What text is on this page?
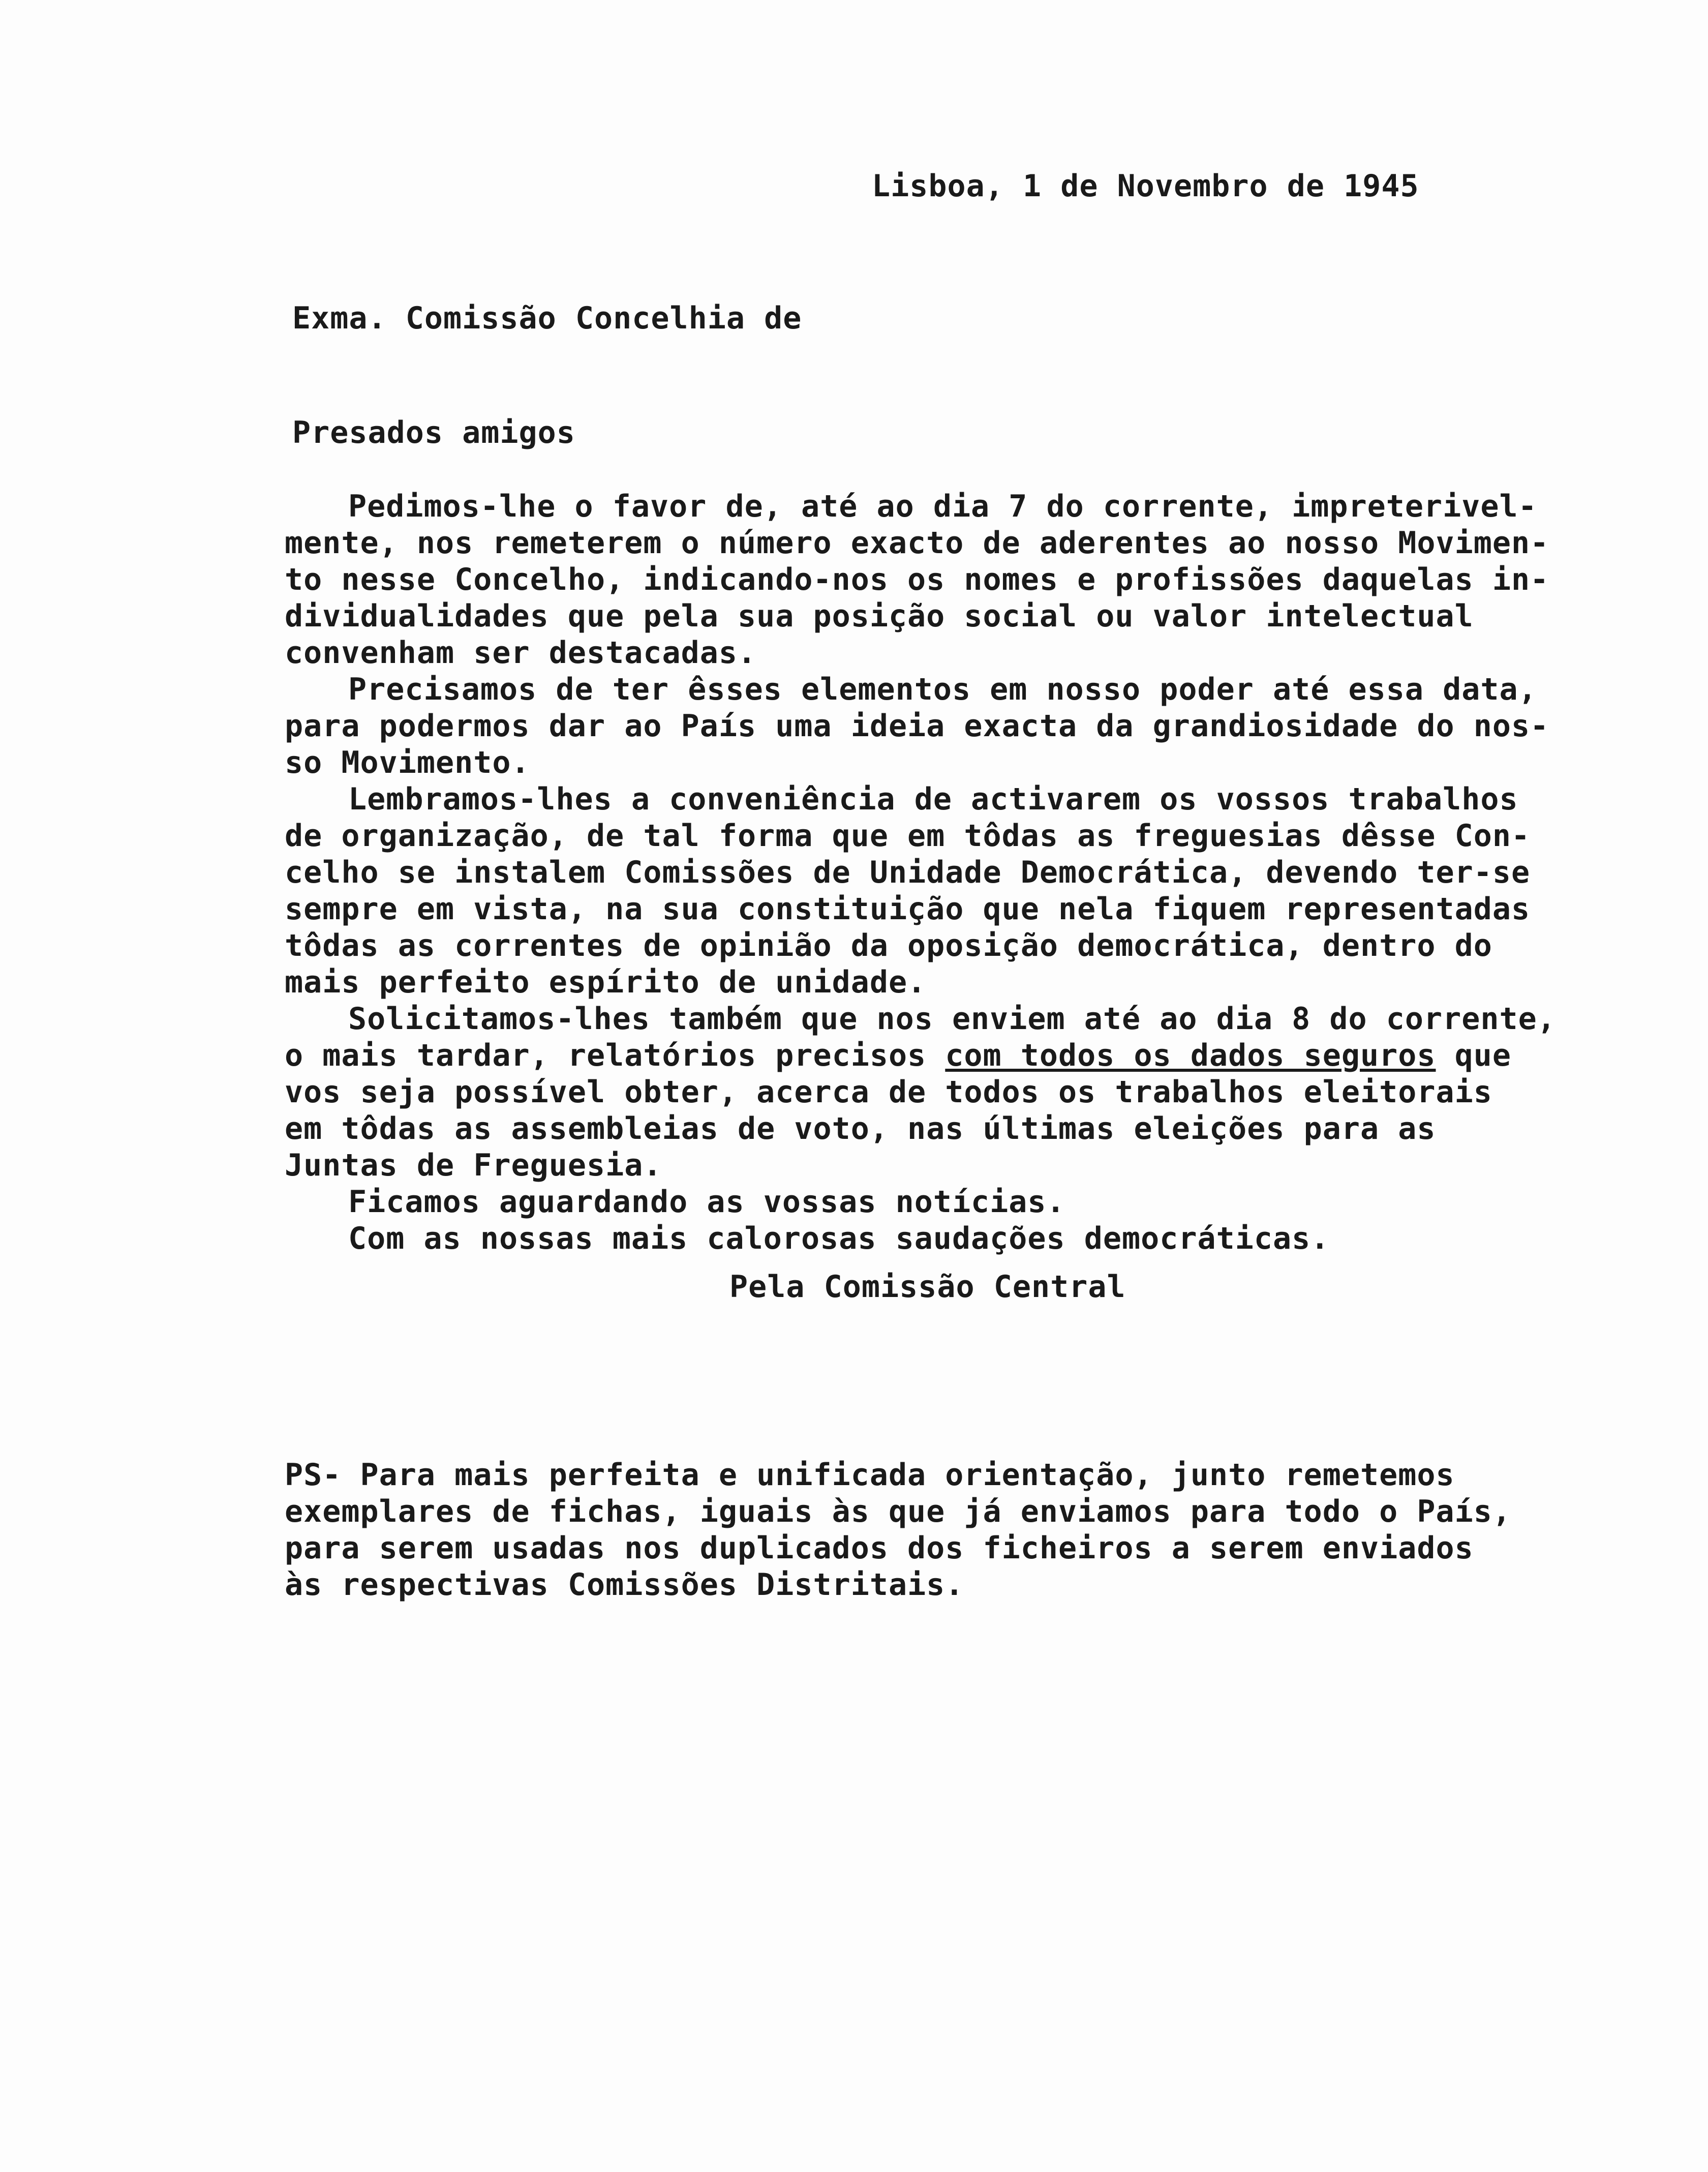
Lisboa, 1 de Novembro de 1945
Exma. Comissão Concelhia de
Presados amigos
Pedimos-lhe o favor de, até ao dia 7 do corrente, impreterivel-
mente, nos remeterem o número exacto de aderentes ao nosso Movimen-
to nesse Concelho, indicando-nos os nomes e profissões daquelas in-
dividualidades que pela sua posição social ou valor intelectual
convenham ser destacadas.
Precisamos de ter êsses elementos em nosso poder até essa data,
para podermos dar ao País uma ideia exacta da grandiosidade do nos-
so Movimento.
Lembramos-lhes a conveniência de activarem os vossos trabalhos
de organização, de tal forma que em tôdas as freguesias dêsse Con-
celho se instalem Comissões de Unidade Democrática, devendo ter-se
sempre em vista, na sua constituição que nela fiquem representadas
tôdas as correntes de opinião da oposição democrática, dentro do
mais perfeito espírito de unidade.
Solicitamos-lhes também que nos enviem até ao dia 8 do corrente,
o mais tardar, relatórios precisos com todos os dados seguros que
vos seja possível obter, acerca de todos os trabalhos eleitorais
em tôdas as assembleias de voto, nas últimas eleições para as
Juntas de Freguesia.
Ficamos aguardando as vossas notícias.
Com as nossas mais calorosas saudações democráticas.
Pela Comissão Central
PS- Para mais perfeita e unificada orientação, junto remetemos
exemplares de fichas, iguais às que já enviamos para todo o País,
para serem usadas nos duplicados dos ficheiros a serem enviados
às respectivas Comissões Distritais.
